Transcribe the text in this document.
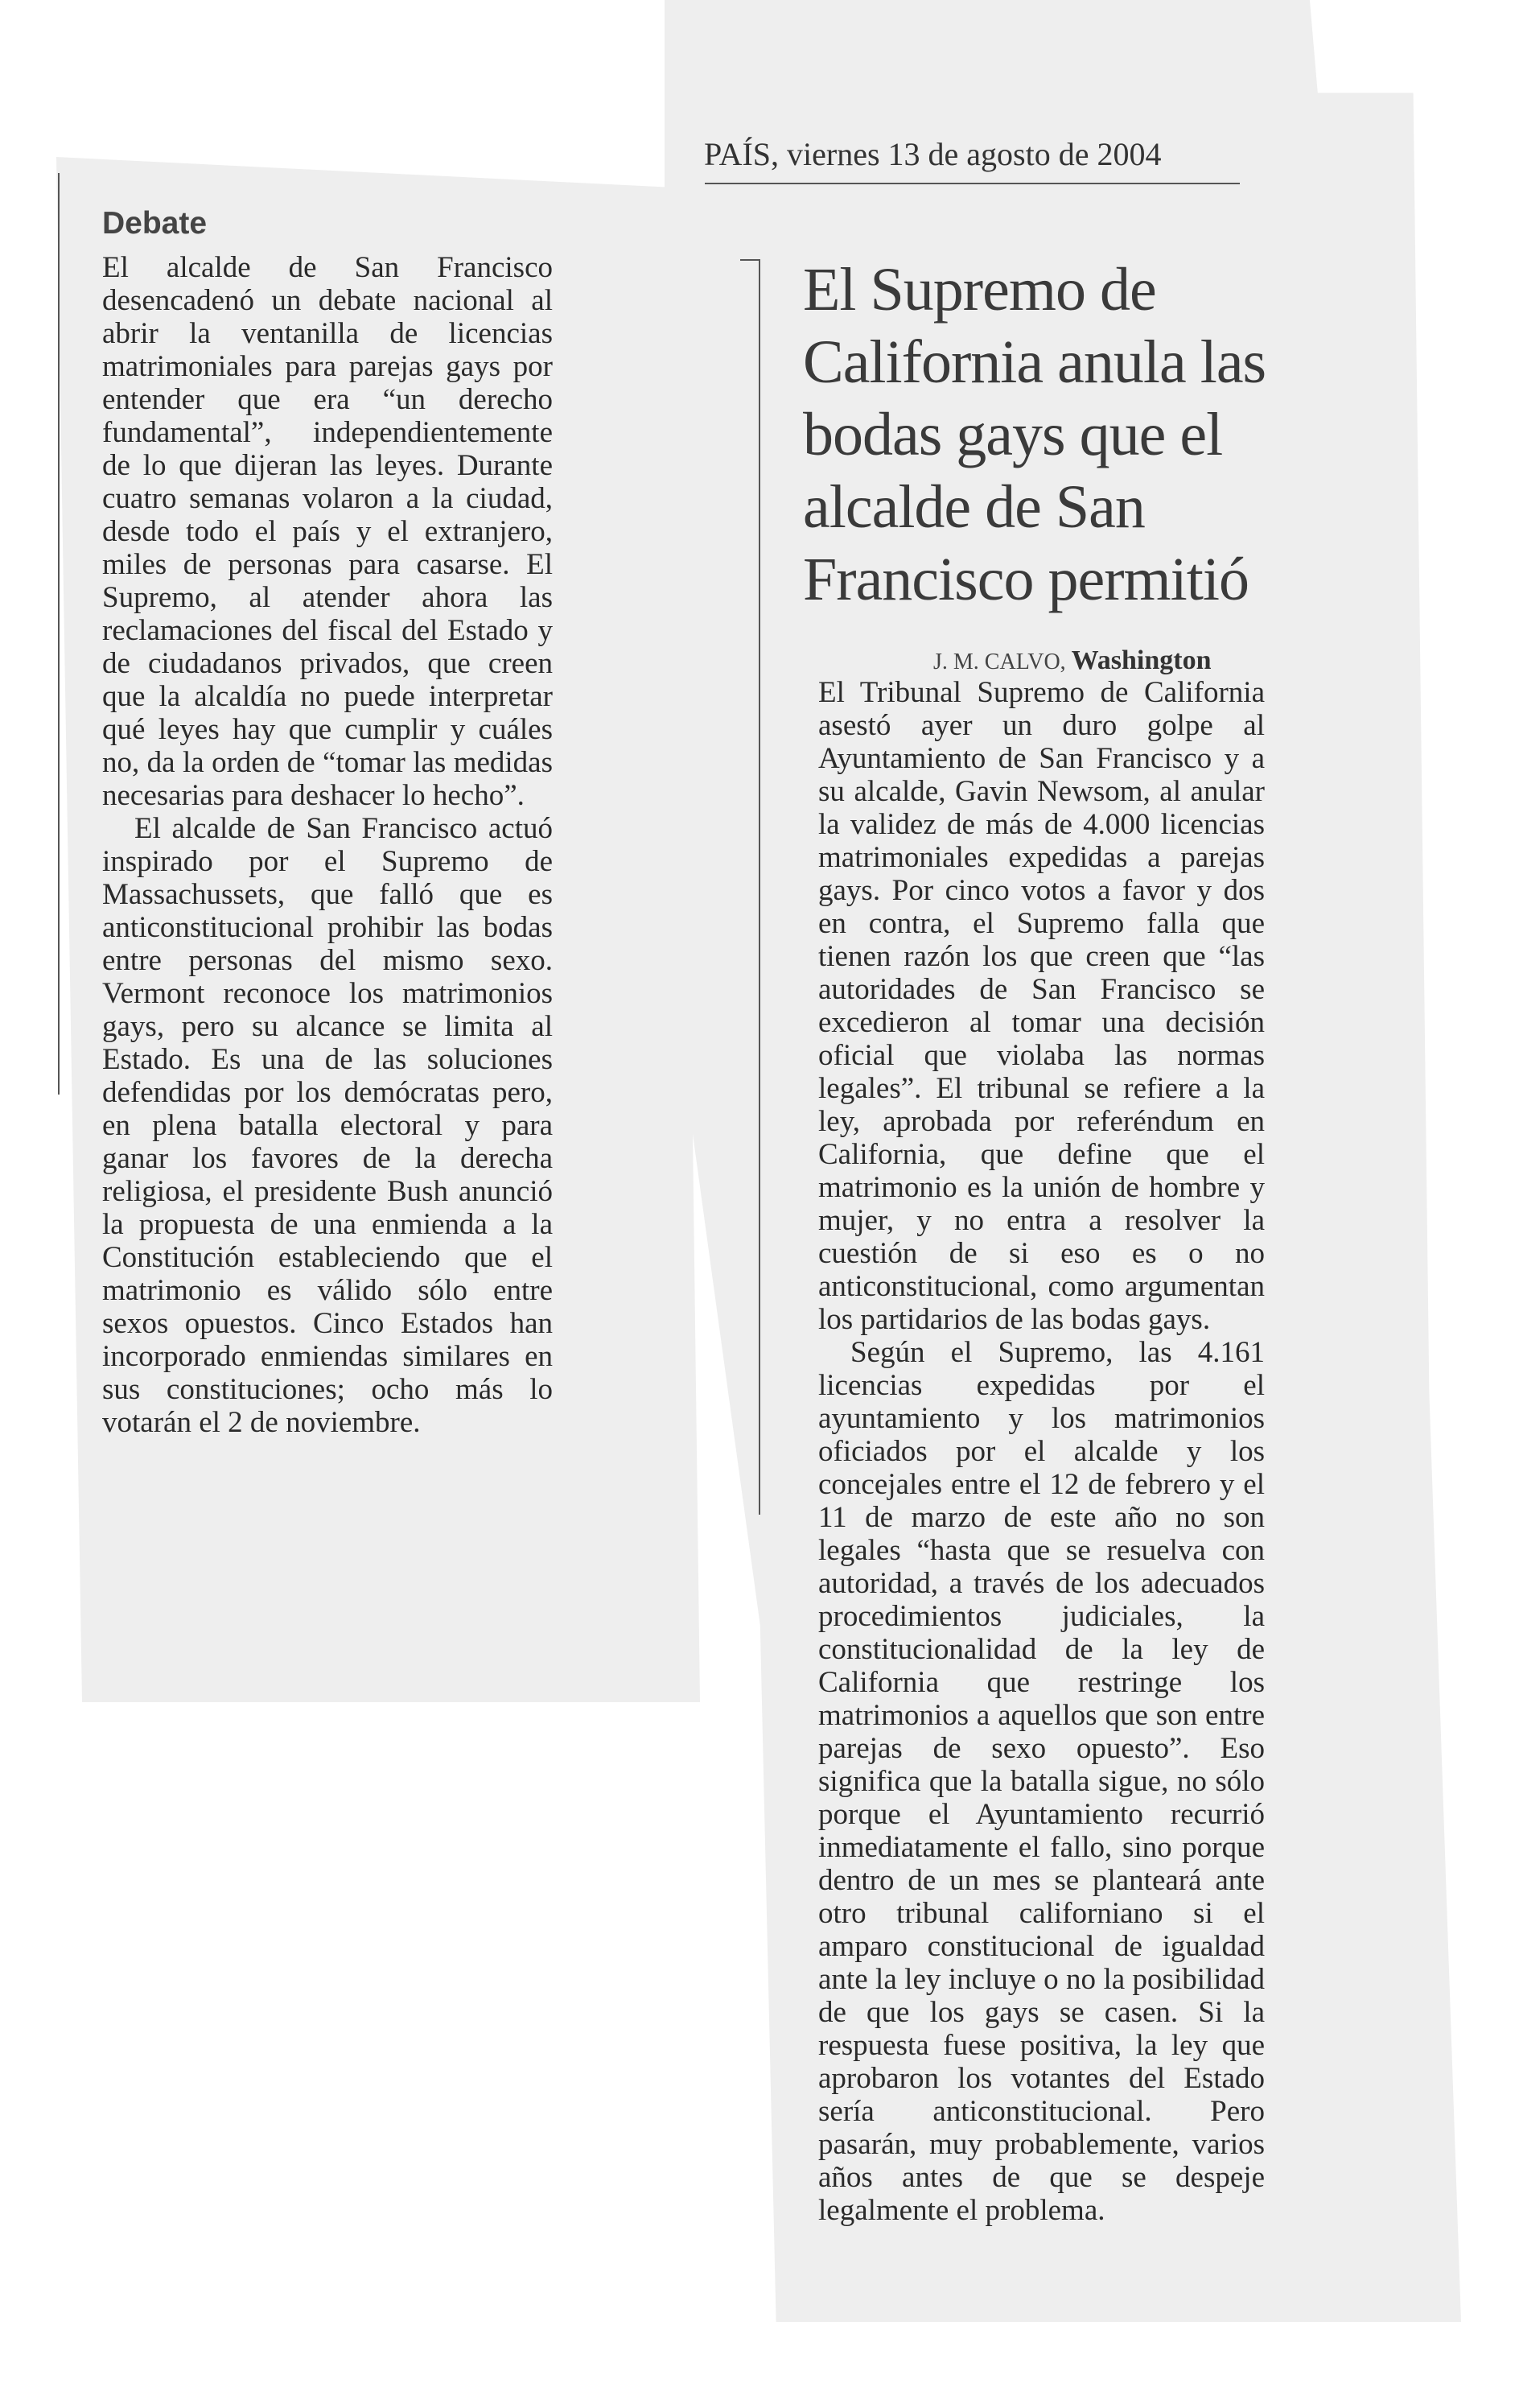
PAÍS, viernes 13 de agosto de 2004
Debate

El alcalde de San Francisco desencadenó un debate nacional al abrir la ventanilla de licencias matrimoniales para parejas gays por entender que era “un derecho fundamental”, independientemente de lo que dijeran las leyes. Durante cuatro semanas volaron a la ciudad, desde todo el país y el extranjero, miles de personas para casarse. El Supremo, al atender ahora las reclamaciones del fiscal del Estado y de ciudadanos privados, que creen que la alcaldía no puede interpretar qué leyes hay que cumplir y cuáles no, da la orden de “tomar las medidas necesarias para deshacer lo hecho”.

El alcalde de San Francisco actuó inspirado por el Supremo de Massachussets, que falló que es anticonstitucional prohibir las bodas entre personas del mismo sexo. Vermont reconoce los matrimonios gays, pero su alcance se limita al Estado. Es una de las soluciones defendidas por los demócratas pero, en plena batalla electoral y para ganar los favores de la derecha religiosa, el presidente Bush anunció la propuesta de una enmienda a la Constitución estableciendo que el matrimonio es válido sólo entre sexos opuestos. Cinco Estados han incorporado enmiendas similares en sus constituciones; ocho más lo votarán el 2 de noviembre.

El Supremo de California anula las bodas gays que el alcalde de San Francisco permitió
J. M. CALVO, Washington

El Tribunal Supremo de California asestó ayer un duro golpe al Ayuntamiento de San Francisco y a su alcalde, Gavin Newsom, al anular la validez de más de 4.000 licencias matrimoniales expedidas a parejas gays. Por cinco votos a favor y dos en contra, el Supremo falla que tienen razón los que creen que “las autoridades de San Francisco se excedieron al tomar una decisión oficial que violaba las normas legales”. El tribunal se refiere a la ley, aprobada por referéndum en California, que define que el matrimonio es la unión de hombre y mujer, y no entra a resolver la cuestión de si eso es o no anticonstitucional, como argumentan los partidarios de las bodas gays.

Según el Supremo, las 4.161 licencias expedidas por el ayuntamiento y los matrimonios oficiados por el alcalde y los concejales entre el 12 de febrero y el 11 de marzo de este año no son legales “hasta que se resuelva con autoridad, a través de los adecuados procedimientos judiciales, la constitucionalidad de la ley de California que restringe los matrimonios a aquellos que son entre parejas de sexo opuesto”. Eso significa que la batalla sigue, no sólo porque el Ayuntamiento recurrió inmediatamente el fallo, sino porque dentro de un mes se planteará ante otro tribunal californiano si el amparo constitucional de igualdad ante la ley incluye o no la posibilidad de que los gays se casen. Si la respuesta fuese positiva, la ley que aprobaron los votantes del Estado sería anticonstitucional. Pero pasarán, muy probablemente, varios años antes de que se despeje legalmente el problema.
